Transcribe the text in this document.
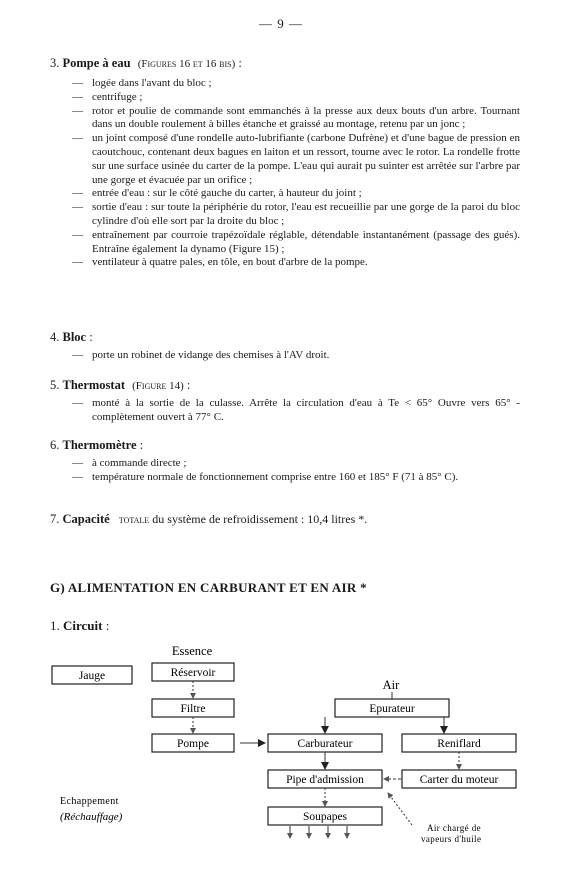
— 9 —
3. Pompe à eau (Figures 16 et 16 bis) :
— logée dans l'avant du bloc ;
— centrifuge ;
— rotor et poulie de commande sont emmanchés à la presse aux deux bouts d'un arbre. Tournant dans un double roulement à billes étanche et graissé au montage, retenu par un jonc ;
— un joint composé d'une rondelle auto-lubrifiante (carbone Dufrène) et d'une bague de pression en caoutchouc, contenant deux bagues en laiton et un ressort, tourne avec le rotor. La rondelle frotte sur une surface usinée du carter de la pompe. L'eau qui aurait pu suinter est arrêtée sur l'arbre par une gorge et évacuée par un orifice ;
— entrée d'eau : sur le côté gauche du carter, à hauteur du joint ;
— sortie d'eau : sur toute la périphérie du rotor, l'eau est recueillie par une gorge de la paroi du bloc cylindre d'où elle sort par la droite du bloc ;
— entraînement par courroie trapézoïdale réglable, détendable instantanément (passage des gués). Entraîne également la dynamo (Figure 15) ;
— ventilateur à quatre pales, en tôle, en bout d'arbre de la pompe.
4. Bloc :
— porte un robinet de vidange des chemises à l'AV droit.
5. Thermostat (Figure 14) :
— monté à la sortie de la culasse. Arrête la circulation d'eau à Te < 65° Ouvre vers 65° - complètement ouvert à 77° C.
6. Thermomètre :
— à commande directe ;
— température normale de fonctionnement comprise entre 160 et 185° F (71 à 85° C).
7. Capacité totale du système de refroidissement : 10,4 litres *.
G) ALIMENTATION EN CARBURANT ET EN AIR *
1. Circuit :
Essence
Air
Jauge	Réservoir
Filtre
Pompe
Epurateur
Carburateur	Reniflard
Pipe d'admission	Carter du moteur
Soupapes
Echappement
(Réchauffage)
Air chargé de
vapeurs d'huile
